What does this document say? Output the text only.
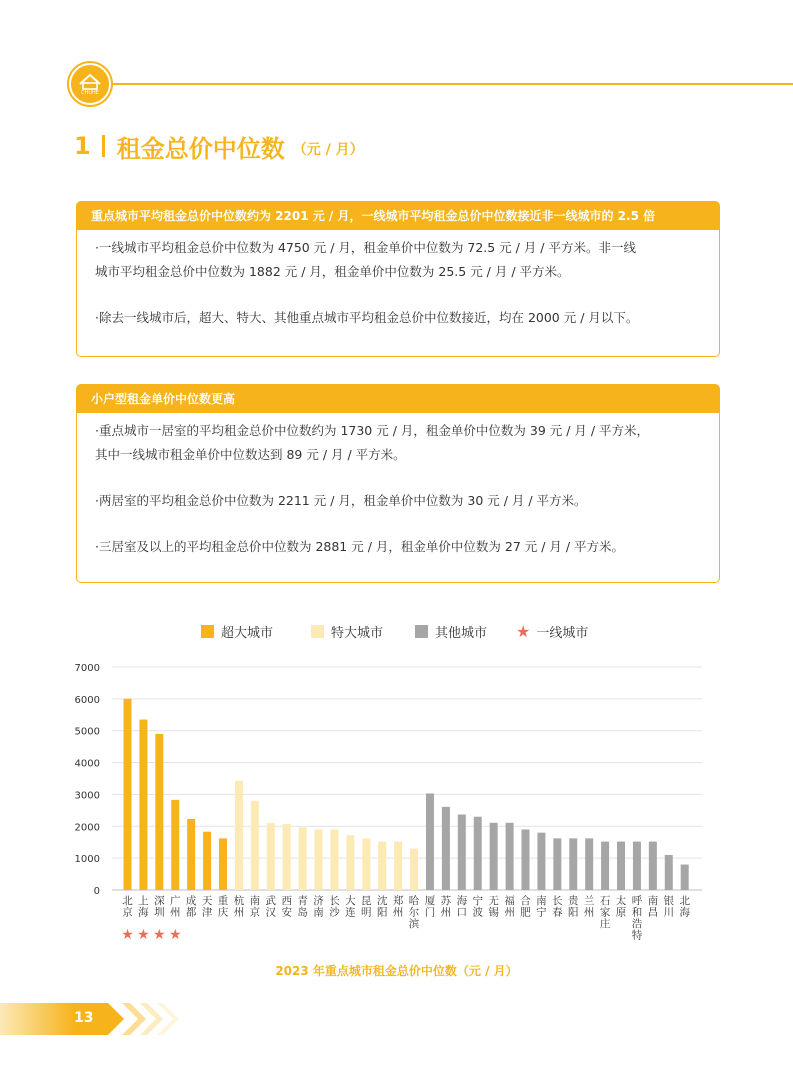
CHUHE
1 租金总价中位数 （元 / 月）
重点城市平均租金总价中位数约为 2201 元 / 月，一线城市平均租金总价中位数接近非一线城市的 2.5 倍

·一线城市平均租金总价中位数为 4750 元 / 月，租金单价中位数为 72.5 元 / 月 / 平方米。非一线

城市平均租金总价中位数为 1882 元 / 月，租金单价中位数为 25.5 元 / 月 / 平方米。

·除去一线城市后，超大、特大、其他重点城市平均租金总价中位数接近，均在 2000 元 / 月以下。

小户型租金单价中位数更高

·重点城市一居室的平均租金总价中位数约为 1730 元 / 月，租金单价中位数为 39 元 / 月 / 平方米，

其中一线城市租金单价中位数达到 89 元 / 月 / 平方米。

·两居室的平均租金总价中位数为 2211 元 / 月，租金单价中位数为 30 元 / 月 / 平方米。

·三居室及以上的平均租金总价中位数为 2881 元 / 月，租金单价中位数为 27 元 / 月 / 平方米。

超大城市	特大城市	其他城市 ★ 一线城市
0
1000
2000
3000
4000
5000
6000
7000
北
京
★
上
海
★
深
圳
★
广
州
★
成
都
天
津
重
庆
杭
州
南
京
武
汉
西
安
青
岛
济
南
长
沙
大
连
昆
明
沈
阳
郑
州
哈
尔
滨
厦
门
苏
州
海
口
宁
波
无
锡
福
州
合
肥
南
宁
长
春
贵
阳
兰
州
石
家
庄
太
原
呼
和
浩
特
南
昌
银
川
北
海
2023 年重点城市租金总价中位数（元 / 月）
13
